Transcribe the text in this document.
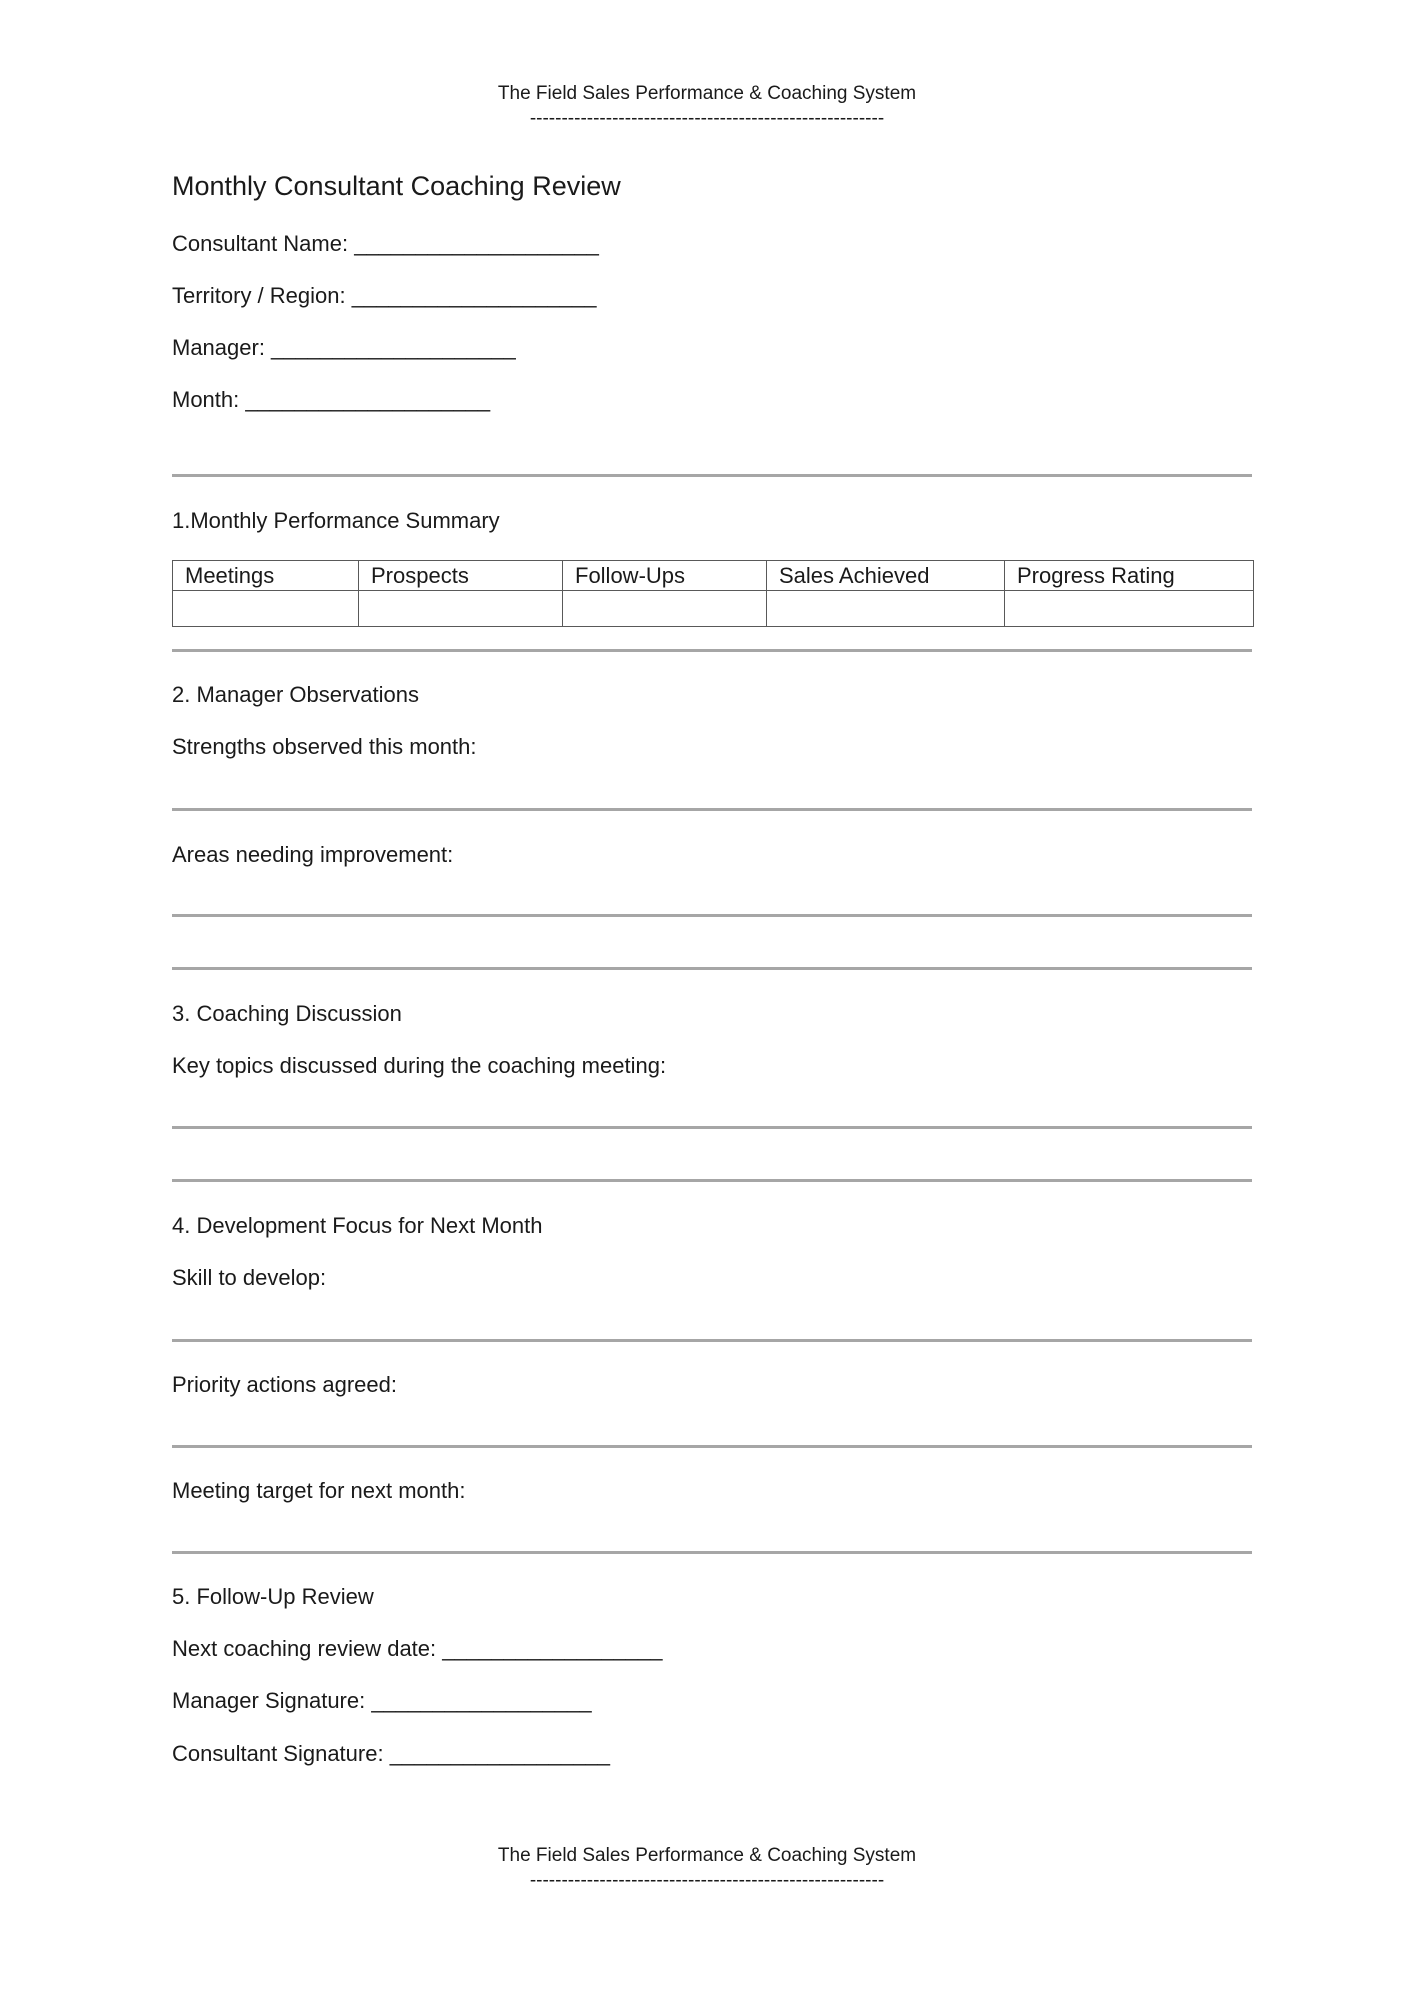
The Field Sales Performance & Coaching System
--------------------------------------------------------
Monthly Consultant Coaching Review
Consultant Name: ____________________
Territory / Region: ____________________
Manager: ____________________
Month: ____________________
1.Monthly Performance Summary
Meetings	Prospects	Follow-Ups	Sales Achieved	Progress Rating

2. Manager Observations
Strengths observed this month:
Areas needing improvement:
3. Coaching Discussion
Key topics discussed during the coaching meeting:
4. Development Focus for Next Month
Skill to develop:
Priority actions agreed:
Meeting target for next month:
5. Follow-Up Review
Next coaching review date: __________________
Manager Signature: __________________
Consultant Signature: __________________
The Field Sales Performance & Coaching System
--------------------------------------------------------
